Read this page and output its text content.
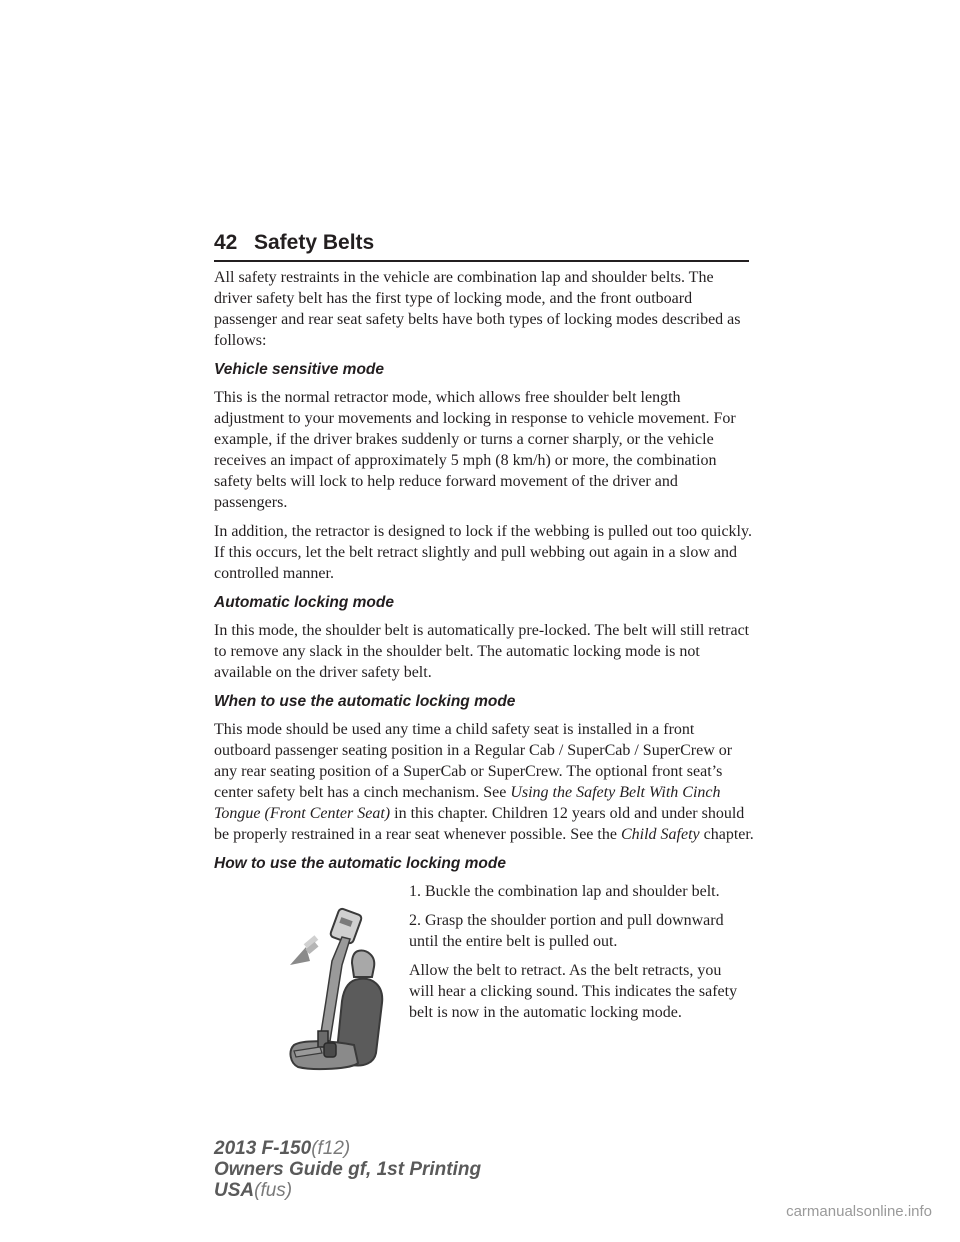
42 Safety Belts

All safety restraints in the vehicle are combination lap and shoulder belts. The driver safety belt has the first type of locking mode, and the front outboard passenger and rear seat safety belts have both types of locking modes described as follows:

Vehicle sensitive mode

This is the normal retractor mode, which allows free shoulder belt length adjustment to your movements and locking in response to vehicle movement. For example, if the driver brakes suddenly or turns a corner sharply, or the vehicle receives an impact of approximately 5 mph (8 km/h) or more, the combination safety belts will lock to help reduce forward movement of the driver and passengers.

In addition, the retractor is designed to lock if the webbing is pulled out too quickly. If this occurs, let the belt retract slightly and pull webbing out again in a slow and controlled manner.

Automatic locking mode

In this mode, the shoulder belt is automatically pre-locked. The belt will still retract to remove any slack in the shoulder belt. The automatic locking mode is not available on the driver safety belt.

When to use the automatic locking mode

This mode should be used any time a child safety seat is installed in a front outboard passenger seating position in a Regular Cab / SuperCab / SuperCrew or any rear seating position of a SuperCab or SuperCrew. The optional front seat’s center safety belt has a cinch mechanism. See Using the Safety Belt With Cinch Tongue (Front Center Seat) in this chapter. Children 12 years old and under should be properly restrained in a rear seat whenever possible. See the Child Safety chapter.

How to use the automatic locking mode

1. Buckle the combination lap and shoulder belt.

2. Grasp the shoulder portion and pull downward until the entire belt is pulled out.

Allow the belt to retract. As the belt retracts, you will hear a clicking sound. This indicates the safety belt is now in the automatic locking mode.

2013 F-150(f12)
Owners Guide gf, 1st Printing
USA(fus)
carmanualsonline.info
